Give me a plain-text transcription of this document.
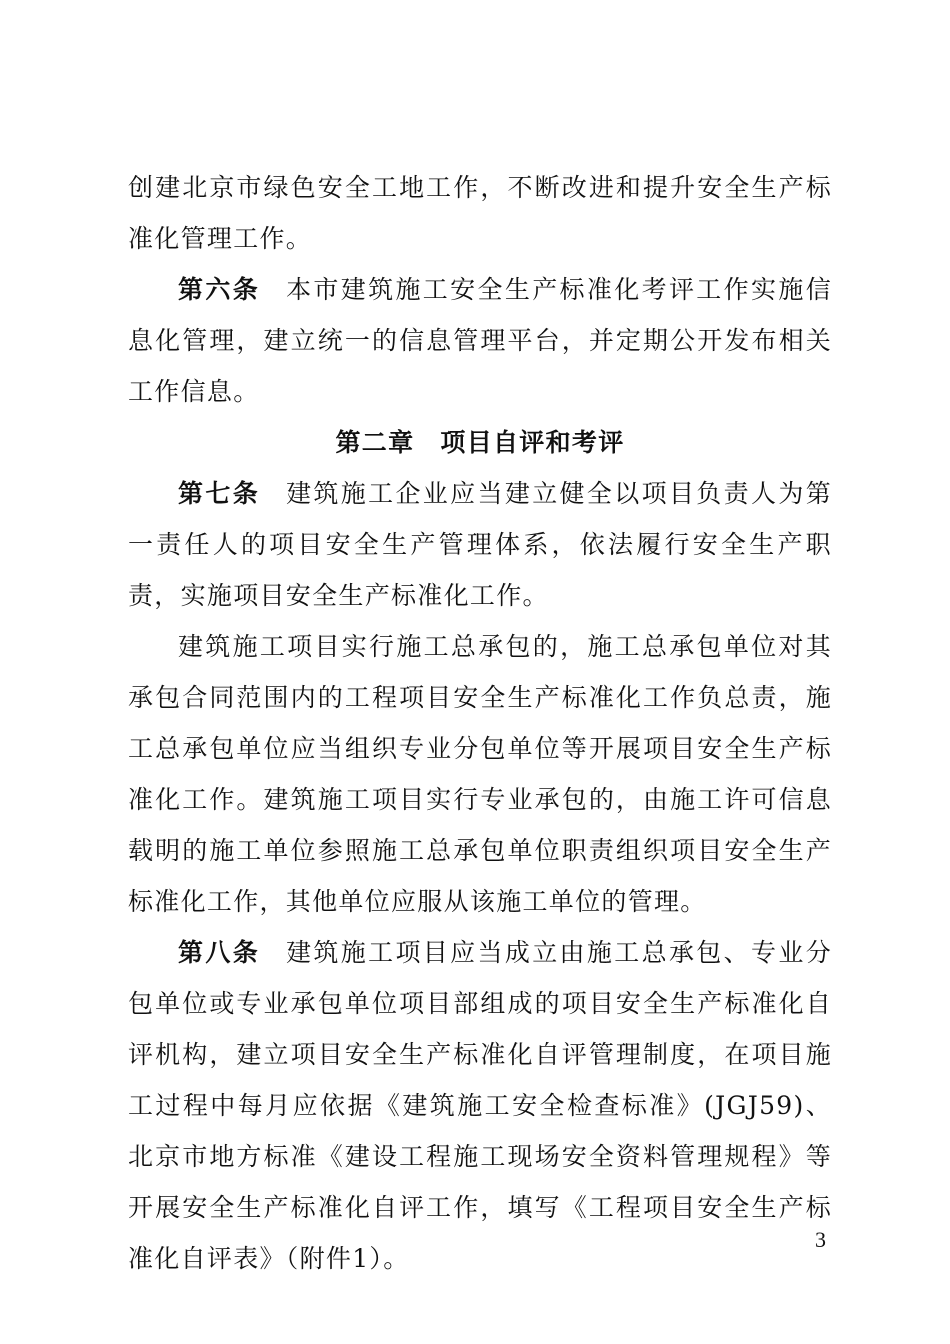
创建北京市绿色安全工地工作，不断改进和提升安全生产标准化管理工作。

第六条 本市建筑施工安全生产标准化考评工作实施信息化管理，建立统一的信息管理平台，并定期公开发布相关工作信息。

第二章 项目自评和考评

第七条 建筑施工企业应当建立健全以项目负责人为第一责任人的项目安全生产管理体系，依法履行安全生产职责，实施项目安全生产标准化工作。

建筑施工项目实行施工总承包的，施工总承包单位对其承包合同范围内的工程项目安全生产标准化工作负总责，施工总承包单位应当组织专业分包单位等开展项目安全生产标准化工作。建筑施工项目实行专业承包的，由施工许可信息载明的施工单位参照施工总承包单位职责组织项目安全生产标准化工作，其他单位应服从该施工单位的管理。

第八条 建筑施工项目应当成立由施工总承包、专业分包单位或专业承包单位项目部组成的项目安全生产标准化自评机构，建立项目安全生产标准化自评管理制度，在项目施工过程中每月应依据《建筑施工安全检查标准》(JGJ59)、北京市地方标准《建设工程施工现场安全资料管理规程》等开展安全生产标准化自评工作，填写《工程项目安全生产标准化自评表》（附件1）。

3
